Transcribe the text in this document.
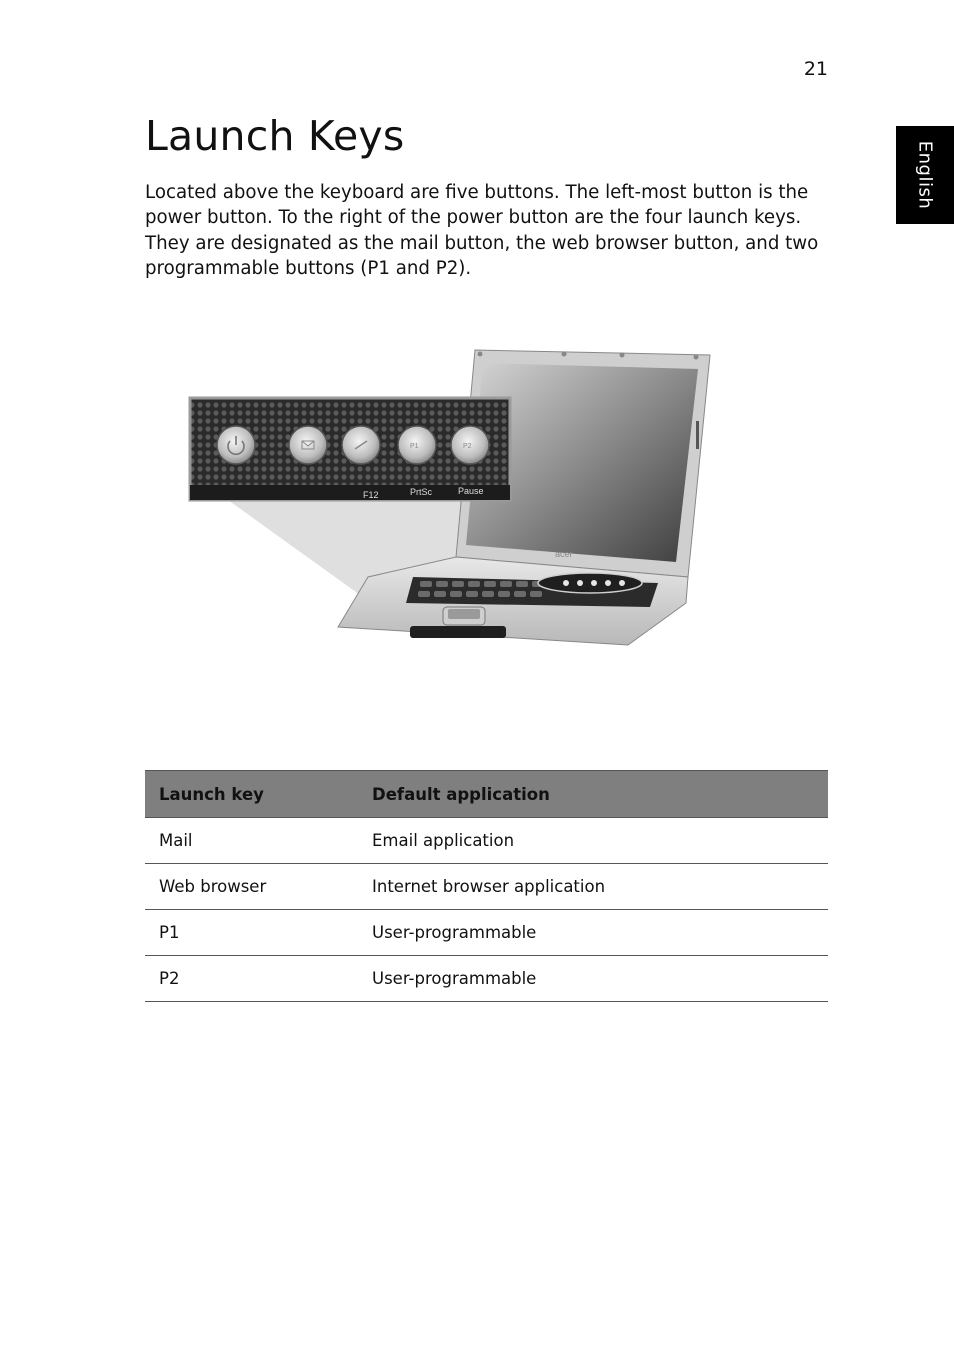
21
English
Launch Keys

Located above the keyboard are five buttons. The left-most button is the power button. To the right of the power button are the four launch keys. They are designated as the mail button, the web browser button, and two programmable buttons (P1 and P2).

acer
F12	PrtSc	Pause
P1	P2
Launch key	Default application
Mail	Email application
Web browser	Internet browser application
P1	User-programmable
P2	User-programmable
